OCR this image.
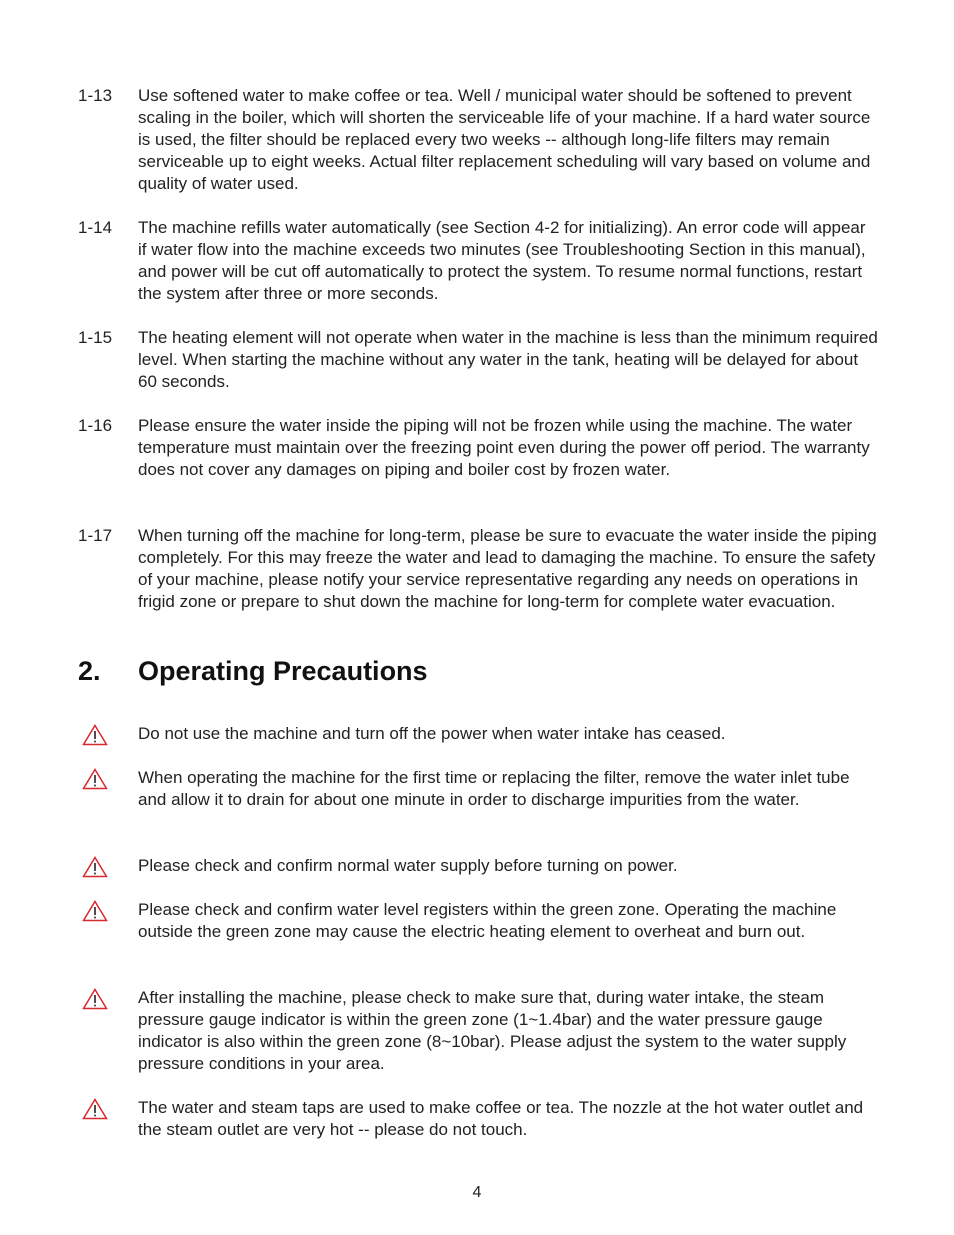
1-13	Use softened water to make coffee or tea. Well / municipal water should be softened to prevent scaling in the boiler, which will shorten the serviceable life of your machine. If a hard water source is used, the filter should be replaced every two weeks -- although long-life filters may remain serviceable up to eight weeks. Actual filter replacement scheduling will vary based on volume and quality of water used.
1-14	The machine refills water automatically (see Section 4-2 for initializing). An error code will appear if water flow into the machine exceeds two minutes (see Troubleshooting Section in this manual), and power will be cut off automatically to protect the system. To resume normal functions, restart the system after three or more seconds.
1-15	The heating element will not operate when water in the machine is less than the minimum required level. When starting the machine without any water in the tank, heating will be delayed for about 60 seconds.
1-16	Please ensure the water inside the piping will not be frozen while using the machine. The water temperature must maintain over the freezing point even during the power off period. The warranty does not cover any damages on piping and boiler cost by frozen water.
1-17	When turning off the machine for long-term, please be sure to evacuate the water inside the piping completely. For this may freeze the water and lead to damaging the machine. To ensure the safety of your machine, please notify your service representative regarding any needs on operations in frigid zone or prepare to shut down the machine for long-term for complete water evacuation.
2.	Operating Precautions
Do not use the machine and turn off the power when water intake has ceased.
When operating the machine for the first time or replacing the filter, remove the water inlet tube and allow it to drain for about one minute in order to discharge impurities from the water.
Please check and confirm normal water supply before turning on power.
Please check and confirm water level registers within the green zone. Operating the machine outside the green zone may cause the electric heating element to overheat and burn out.
After installing the machine, please check to make sure that, during water intake, the steam pressure gauge indicator is within the green zone (1~1.4bar) and the water pressure gauge indicator is also within the green zone (8~10bar). Please adjust the system to the water supply pressure conditions in your area.
The water and steam taps are used to make coffee or tea. The nozzle at the hot water outlet and the steam outlet are very hot -- please do not touch.
4
